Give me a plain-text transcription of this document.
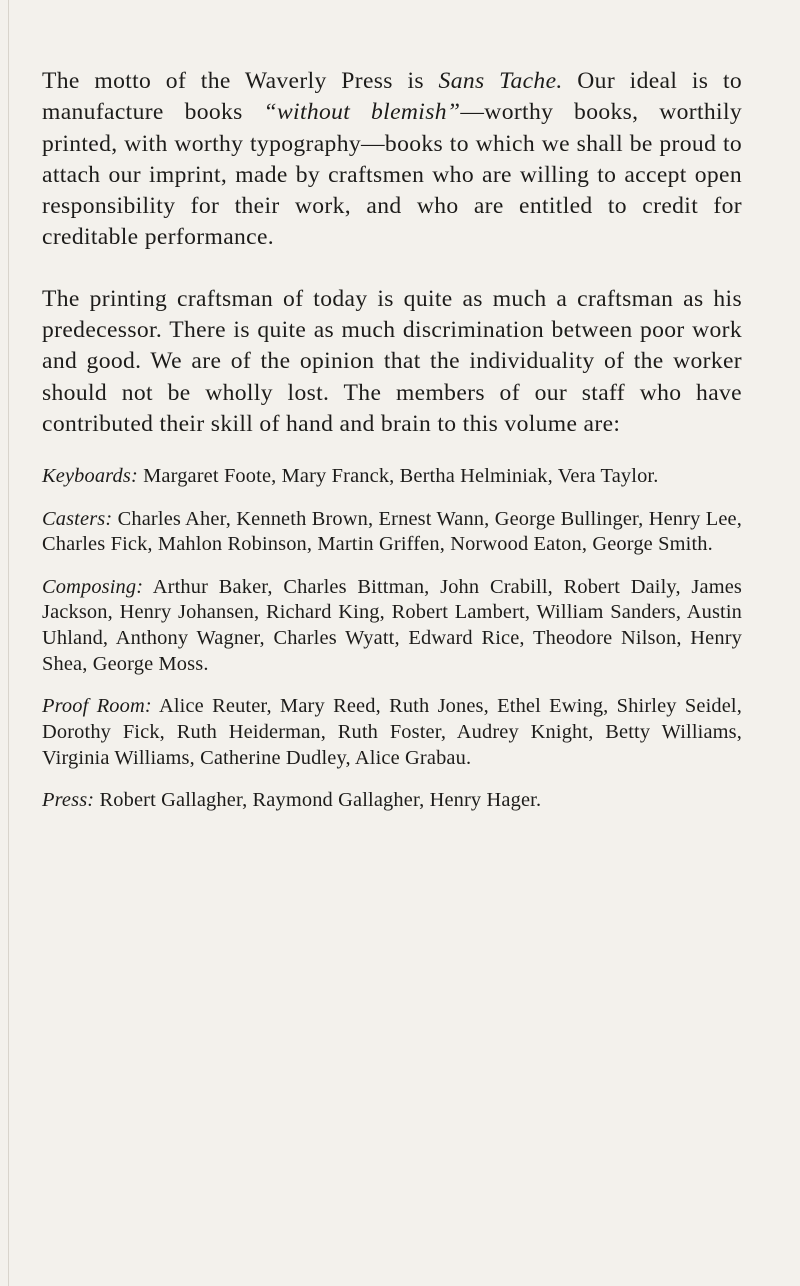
The motto of the Waverly Press is Sans Tache. Our ideal is to manufacture books “without blemish”—worthy books, worthily printed, with worthy typography—books to which we shall be proud to attach our imprint, made by craftsmen who are willing to accept open responsibility for their work, and who are entitled to credit for creditable performance.

The printing craftsman of today is quite as much a craftsman as his predecessor. There is quite as much discrimination between poor work and good. We are of the opinion that the individuality of the worker should not be wholly lost. The members of our staff who have contributed their skill of hand and brain to this volume are:

Keyboards: Margaret Foote, Mary Franck, Bertha Helminiak, Vera Taylor.

Casters: Charles Aher, Kenneth Brown, Ernest Wann, George Bullinger, Henry Lee, Charles Fick, Mahlon Robinson, Martin Griffen, Norwood Eaton, George Smith.

Composing: Arthur Baker, Charles Bittman, John Crabill, Robert Daily, James Jackson, Henry Johansen, Richard King, Robert Lambert, William Sanders, Austin Uhland, Anthony Wagner, Charles Wyatt, Edward Rice, Theodore Nilson, Henry Shea, George Moss.

Proof Room: Alice Reuter, Mary Reed, Ruth Jones, Ethel Ewing, Shirley Seidel, Dorothy Fick, Ruth Heiderman, Ruth Foster, Audrey Knight, Betty Williams, Virginia Williams, Catherine Dudley, Alice Grabau.

Press: Robert Gallagher, Raymond Gallagher, Henry Hager.
